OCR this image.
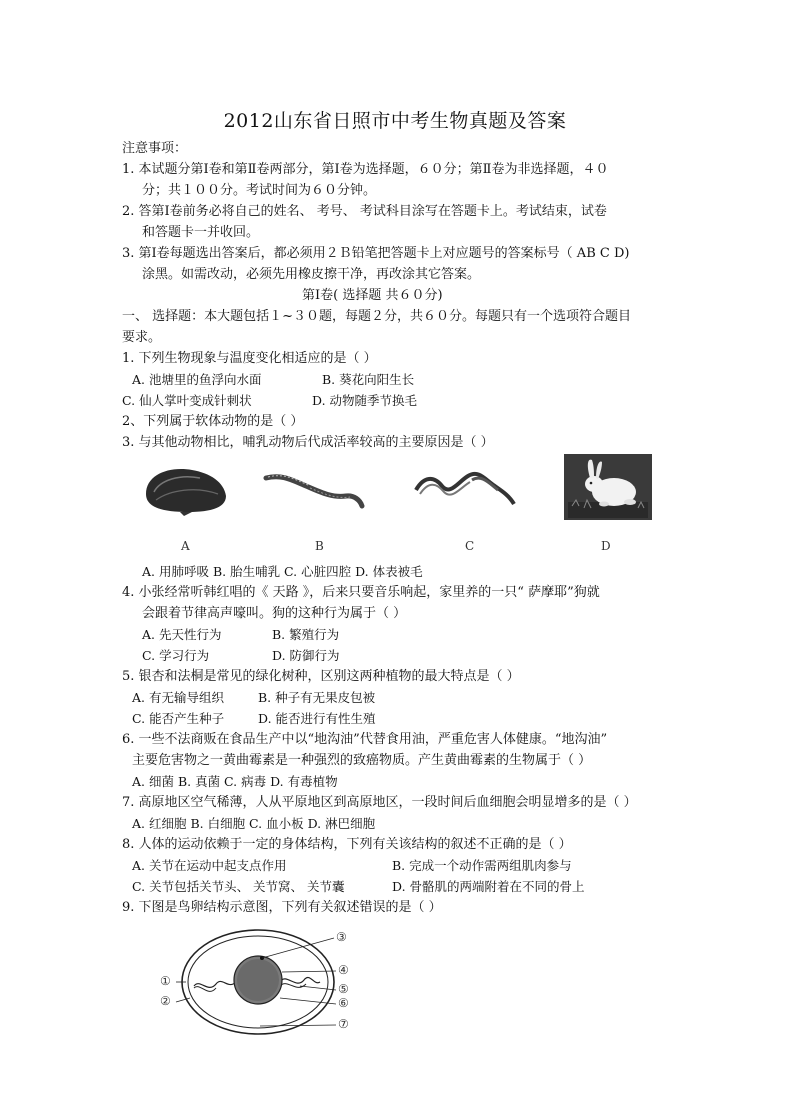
2012山东省日照市中考生物真题及答案
注意事项：
1. 本试题分第Ⅰ卷和第Ⅱ卷两部分，第Ⅰ卷为选择题，６０分；第Ⅱ卷为非选择题，４０
分；共１００分。考试时间为６０分钟。
2. 答第Ⅰ卷前务必将自己的姓名、 考号、 考试科目涂写在答题卡上。考试结束，试卷
和答题卡一并收回。
3. 第Ⅰ卷每题选出答案后，都必须用２Ｂ铅笔把答题卡上对应题号的答案标号（ AB C D)
涂黑。如需改动，必须先用橡皮擦干净，再改涂其它答案。
第Ⅰ卷( 选择题 共６０分)
一、 选择题：本大题包括１~３０题，每题２分，共６０分。每题只有一个选项符合题目
要求。
1. 下列生物现象与温度变化相适应的是（ ）
A. 池塘里的鱼浮向水面	B. 葵花向阳生长
C. 仙人掌叶变成针刺状	D. 动物随季节换毛
2、下列属于软体动物的是（ ）
3. 与其他动物相比，哺乳动物后代成活率较高的主要原因是（ ）
A	B	C	D
A. 用肺呼吸 B. 胎生哺乳 C. 心脏四腔 D. 体表被毛
4. 小张经常听韩红唱的《 天路 》，后来只要音乐响起，家里养的一只“ 萨摩耶”狗就
会跟着节律高声嚎叫。狗的这种行为属于（ ）
A. 先天性行为	B. 繁殖行为
C. 学习行为	D. 防御行为
5. 银杏和法桐是常见的绿化树种，区别这两种植物的最大特点是（ ）
A. 有无输导组织	B. 种子有无果皮包被
C. 能否产生种子	D. 能否进行有性生殖
6. 一些不法商贩在食品生产中以“地沟油”代替食用油，严重危害人体健康。“地沟油”
主要危害物之一黄曲霉素是一种强烈的致癌物质。产生黄曲霉素的生物属于（ ）
A. 细菌 B. 真菌 C. 病毒 D. 有毒植物
7. 高原地区空气稀薄，人从平原地区到高原地区，一段时间后血细胞会明显增多的是（ ）
A. 红细胞 B. 白细胞 C. 血小板 D. 淋巴细胞
8. 人体的运动依赖于一定的身体结构，下列有关该结构的叙述不正确的是（ ）
A. 关节在运动中起支点作用	B. 完成一个动作需两组肌肉参与
C. 关节包括关节头、 关节窝、 关节囊	D. 骨骼肌的两端附着在不同的骨上
9. 下图是鸟卵结构示意图，下列有关叙述错误的是（ ）
③
④
⑤
⑥
⑦
①
②
